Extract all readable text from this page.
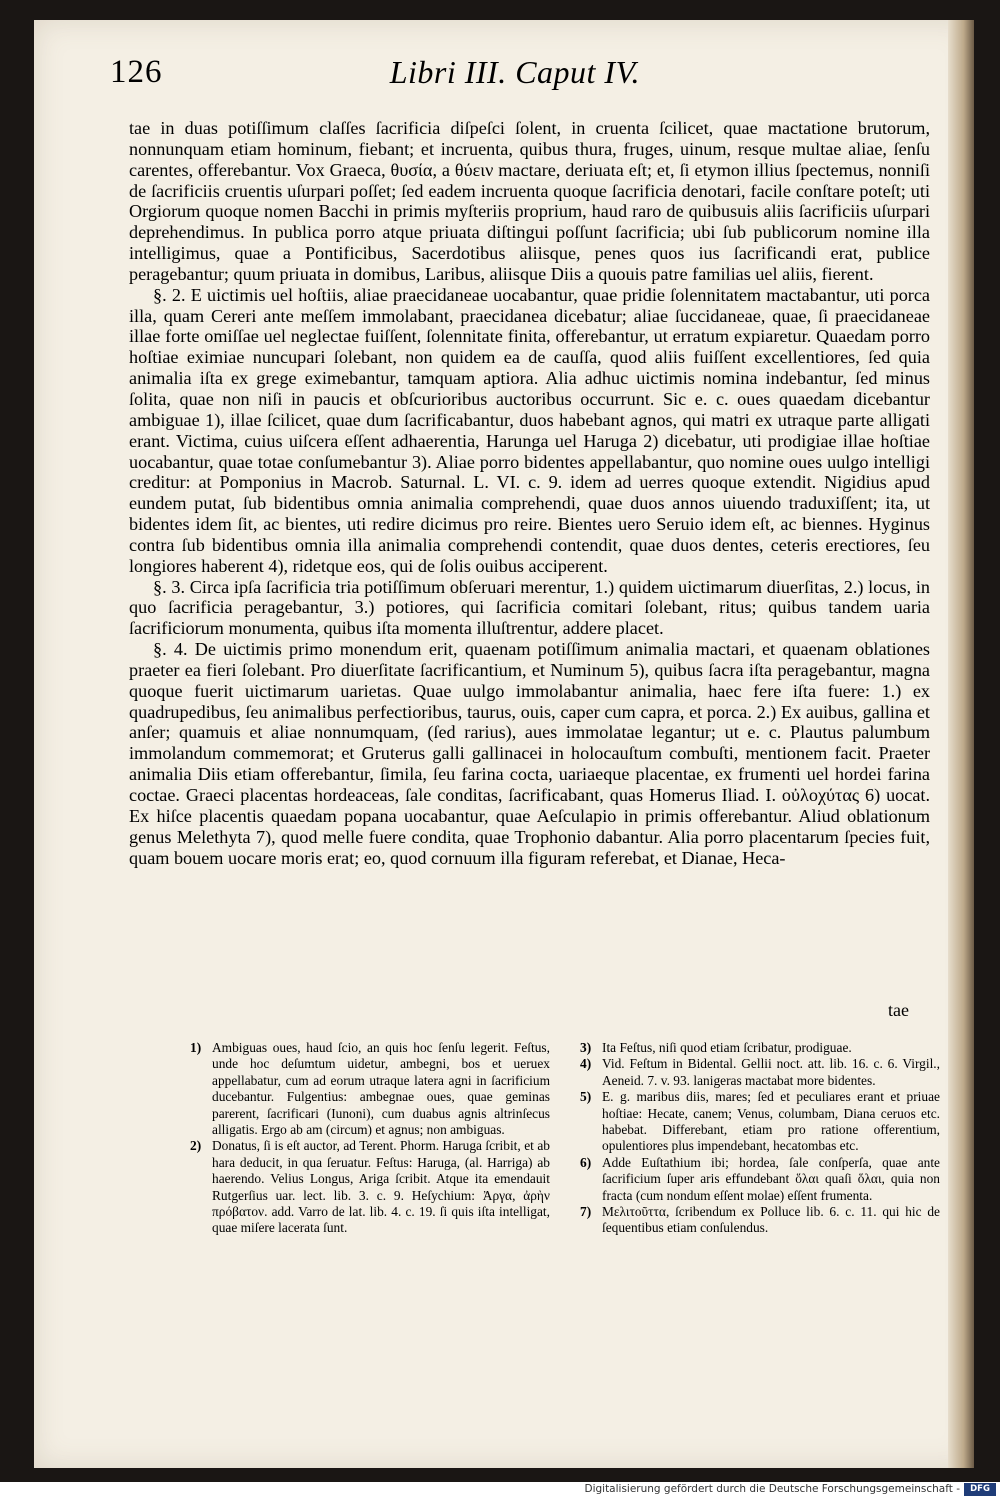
126	Libri III. Caput IV.

tae in duas potiſſimum claſſes ſacrificia diſpeſci ſolent, in cruenta ſcilicet, quae mactatione brutorum, nonnunquam etiam hominum, fiebant; et incruenta, quibus thura, fruges, uinum, resque multae aliae, ſenſu carentes, offerebantur. Vox Graeca, θυσία, a θύειν mactare, deriuata eſt; et, ſi etymon illius ſpectemus, nonniſi de ſacrificiis cruentis uſurpari poſſet; ſed eadem incruenta quoque ſacrificia denotari, facile conſtare poteſt; uti Orgiorum quoque nomen Bacchi in primis myſteriis proprium, haud raro de quibusuis aliis ſacrificiis uſurpari deprehendimus. In publica porro atque priuata diſtingui poſſunt ſacrificia; ubi ſub publicorum nomine illa intelligimus, quae a Pontificibus, Sacerdotibus aliisque, penes quos ius ſacrificandi erat, publice peragebantur; quum priuata in domibus, Laribus, aliisque Diis a quouis patre familias uel aliis, fierent.

§. 2. E uictimis uel hoſtiis, aliae praecidaneae uocabantur, quae pridie ſolennitatem mactabantur, uti porca illa, quam Cereri ante meſſem immolabant, praecidanea dicebatur; aliae ſuccidaneae, quae, ſi praecidaneae illae forte omiſſae uel neglectae fuiſſent, ſolennitate finita, offerebantur, ut erratum expiaretur. Quaedam porro hoſtiae eximiae nuncupari ſolebant, non quidem ea de cauſſa, quod aliis fuiſſent excellentiores, ſed quia animalia iſta ex grege eximebantur, tamquam aptiora. Alia adhuc uictimis nomina indebantur, ſed minus ſolita, quae non niſi in paucis et obſcurioribus auctoribus occurrunt. Sic e. c. oues quaedam dicebantur ambiguae 1), illae ſcilicet, quae dum ſacrificabantur, duos habebant agnos, qui matri ex utraque parte alligati erant. Victima, cuius uiſcera eſſent adhaerentia, Harunga uel Haruga 2) dicebatur, uti prodigiae illae hoſtiae uocabantur, quae totae conſumebantur 3). Aliae porro bidentes appellabantur, quo nomine oues uulgo intelligi creditur: at Pomponius in Macrob. Saturnal. L. VI. c. 9. idem ad uerres quoque extendit. Nigidius apud eundem putat, ſub bidentibus omnia animalia comprehendi, quae duos annos uiuendo traduxiſſent; ita, ut bidentes idem ſit, ac bientes, uti redire dicimus pro reire. Bientes uero Seruio idem eſt, ac biennes. Hyginus contra ſub bidentibus omnia illa animalia comprehendi contendit, quae duos dentes, ceteris erectiores, ſeu longiores haberent 4), ridetque eos, qui de ſolis ouibus acciperent.

§. 3. Circa ipſa ſacrificia tria potiſſimum obſeruari merentur, 1.) quidem uictimarum diuerſitas, 2.) locus, in quo ſacrificia peragebantur, 3.) potiores, qui ſacrificia comitari ſolebant, ritus; quibus tandem uaria ſacrificiorum monumenta, quibus iſta momenta illuſtrentur, addere placet.

§. 4. De uictimis primo monendum erit, quaenam potiſſimum animalia mactari, et quaenam oblationes praeter ea fieri ſolebant. Pro diuerſitate ſacrificantium, et Numinum 5), quibus ſacra iſta peragebantur, magna quoque fuerit uictimarum uarietas. Quae uulgo immolabantur animalia, haec fere iſta fuere: 1.) ex quadrupedibus, ſeu animalibus perfectioribus, taurus, ouis, caper cum capra, et porca. 2.) Ex auibus, gallina et anſer; quamuis et aliae nonnumquam, (ſed rarius), aues immolatae legantur; ut e. c. Plautus palumbum immolandum commemorat; et Gruterus galli gallinacei in holocauſtum combuſti, mentionem facit. Praeter animalia Diis etiam offerebantur, ſimila, ſeu farina cocta, uariaeque placentae, ex frumenti uel hordei farina coctae. Graeci placentas hordeaceas, ſale conditas, ſacrificabant, quas Homerus Iliad. I. οὐλοχύτας 6) uocat. Ex hiſce placentis quaedam popana uocabantur, quae Aeſculapio in primis offerebantur. Aliud oblationum genus Melethyta 7), quod melle fuere condita, quae Trophonio dabantur. Alia porro placentarum ſpecies fuit, quam bouem uocare moris erat; eo, quod cornuum illa figuram referebat, et Dianae, Heca-

tae
1) Ambiguas oues, haud ſcio, an quis hoc ſenſu legerit. Feſtus, unde hoc deſumtum uidetur, ambegni, bos et ueruex appellabatur, cum ad eorum utraque latera agni in ſacrificium ducebantur. Fulgentius: ambegnae oues, quae geminas parerent, ſacrificari (Iunoni), cum duabus agnis altrinſecus alligatis. Ergo ab am (circum) et agnus; non ambiguas.
2) Donatus, ſi is eſt auctor, ad Terent. Phorm. Haruga ſcribit, et ab hara deducit, in qua ſeruatur. Feſtus: Haruga, (al. Harriga) ab haerendo. Velius Longus, Ariga ſcribit. Atque ita emendauit Rutgerſius uar. lect. lib. 3. c. 9. Heſychium: Ἀργα, ἀρὴν πρόβατον. add. Varro de lat. lib. 4. c. 19. ſi quis iſta intelligat, quae miſere lacerata ſunt.
3) Ita Feſtus, niſi quod etiam ſcribatur, prodiguae.
4) Vid. Feſtum in Bidental. Gellii noct. att. lib. 16. c. 6. Virgil., Aeneid. 7. v. 93. lanigeras mactabat more bidentes.
5) E. g. maribus diis, mares; ſed et peculiares erant et priuae hoſtiae: Hecate, canem; Venus, columbam, Diana ceruos etc. habebat. Differebant, etiam pro ratione offerentium, opulentiores plus impendebant, hecatombas etc.
6) Adde Euſtathium ibi; hordea, ſale conſperſa, quae ante ſacrificium ſuper aris effundebant ὅλαι quaſi ὅλαι, quia non fracta (cum nondum eſſent molae) eſſent frumenta.
7) Μελιτοῦττα, ſcribendum ex Polluce lib. 6. c. 11. qui hic de ſequentibus etiam conſulendus.
Digitalisierung gefördert durch die Deutsche Forschungsgemeinschaft -	DFG
